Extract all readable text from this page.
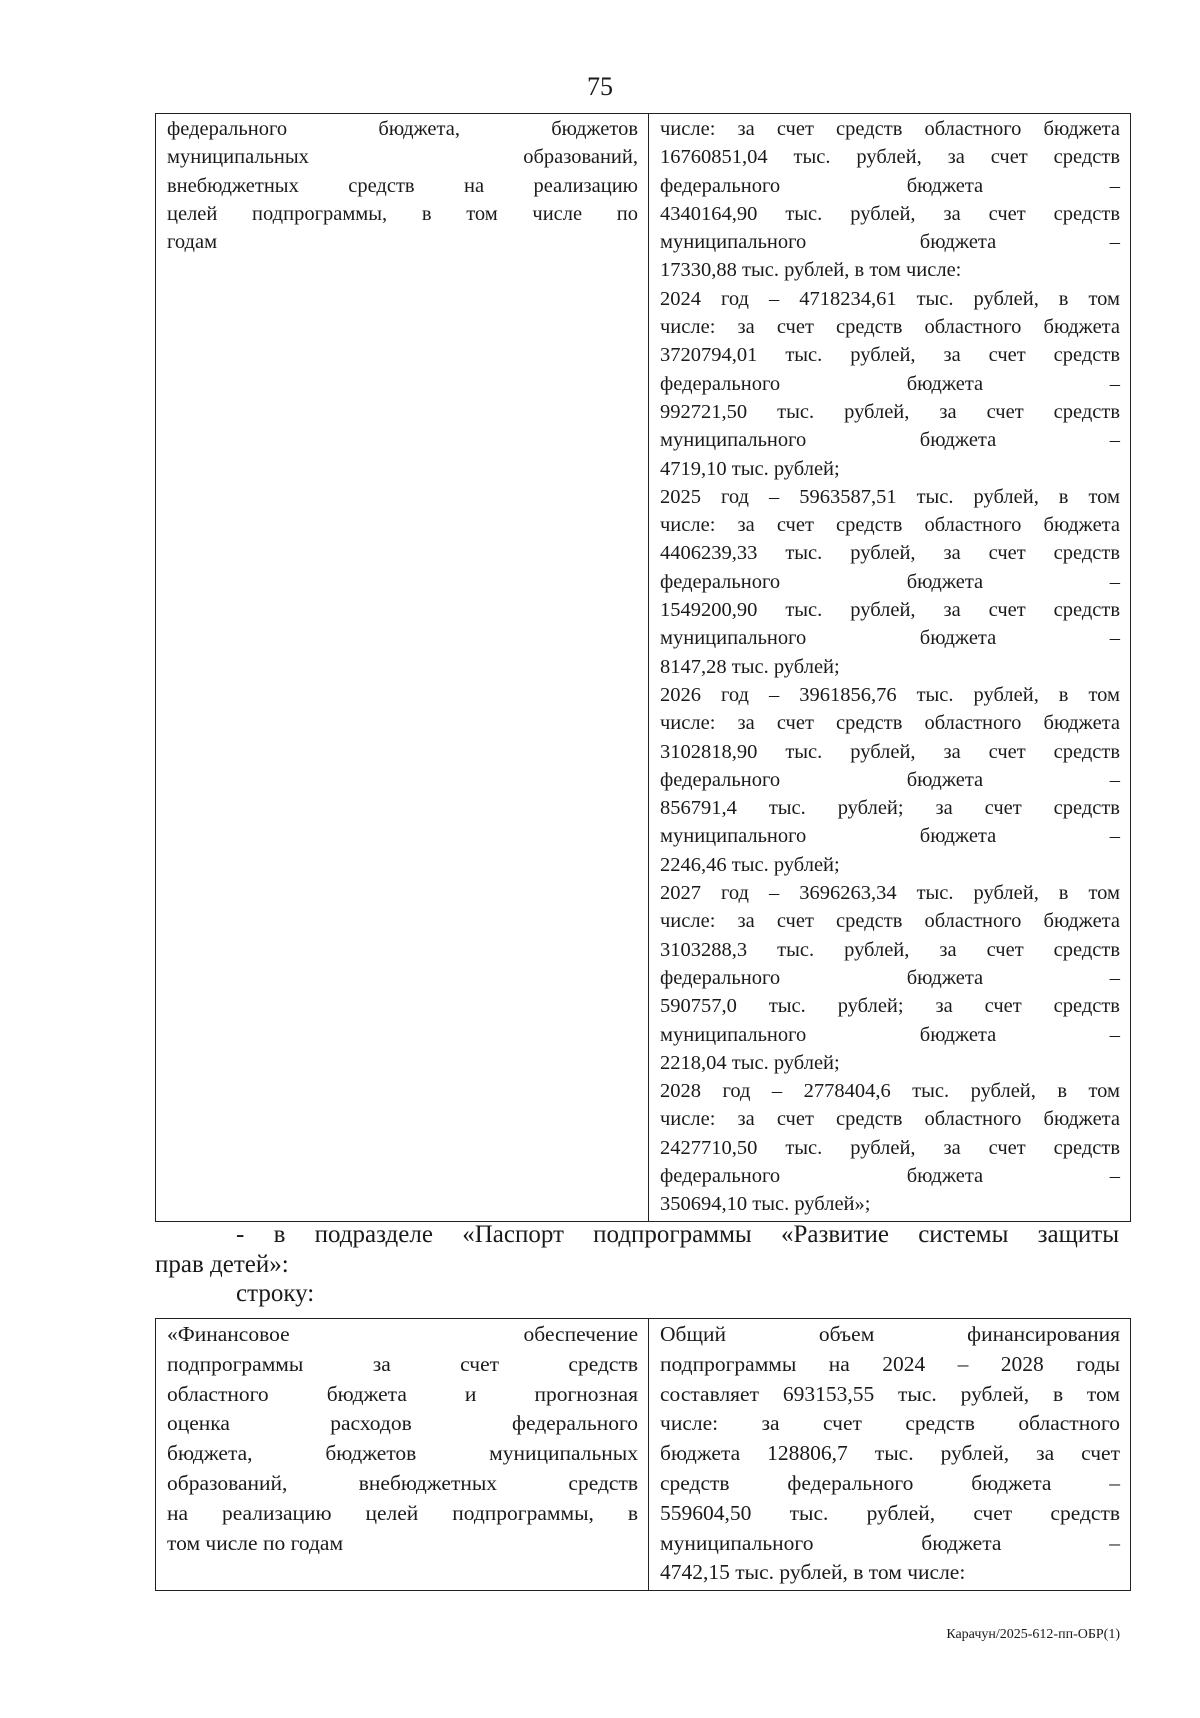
75
федерального бюджета, бюджетов
муниципальных образований,
внебюджетных средств на реализацию
целей подпрограммы, в том числе по
годам

числе: за счет средств областного бюджета
16760851,04 тыс. рублей, за счет средств
федерального бюджета –
4340164,90 тыс. рублей, за счет средств
муниципального бюджета –
17330,88 тыс. рублей, в том числе:
2024 год – 4718234,61 тыс. рублей, в том
числе: за счет средств областного бюджета
3720794,01 тыс. рублей, за счет средств
федерального бюджета –
992721,50 тыс. рублей, за счет средств
муниципального бюджета –
4719,10 тыс. рублей;
2025 год – 5963587,51 тыс. рублей, в том
числе: за счет средств областного бюджета
4406239,33 тыс. рублей, за счет средств
федерального бюджета –
1549200,90 тыс. рублей, за счет средств
муниципального бюджета –
8147,28 тыс. рублей;
2026 год – 3961856,76 тыс. рублей, в том
числе: за счет средств областного бюджета
3102818,90 тыс. рублей, за счет средств
федерального бюджета –
856791,4 тыс. рублей; за счет средств
муниципального бюджета –
2246,46 тыс. рублей;
2027 год – 3696263,34 тыс. рублей, в том
числе: за счет средств областного бюджета
3103288,3 тыс. рублей, за счет средств
федерального бюджета –
590757,0 тыс. рублей; за счет средств
муниципального бюджета –
2218,04 тыс. рублей;
2028 год – 2778404,6 тыс. рублей, в том
числе: за счет средств областного бюджета
2427710,50 тыс. рублей, за счет средств
федерального бюджета –
350694,10 тыс. рублей»;
- в подразделе «Паспорт подпрограммы «Развитие системы защиты
прав детей»:
строку:
«Финансовое обеспечение
подпрограммы за счет средств
областного бюджета и прогнозная
оценка расходов федерального
бюджета, бюджетов муниципальных
образований, внебюджетных средств
на реализацию целей подпрограммы, в
том числе по годам

Общий объем финансирования
подпрограммы на 2024 – 2028 годы
составляет 693153,55 тыс. рублей, в том
числе: за счет средств областного
бюджета 128806,7 тыс. рублей, за счет
средств федерального бюджета –
559604,50 тыс. рублей, счет средств
муниципального бюджета –
4742,15 тыс. рублей, в том числе:
Карачун/2025-612-пп-ОБР(1)
